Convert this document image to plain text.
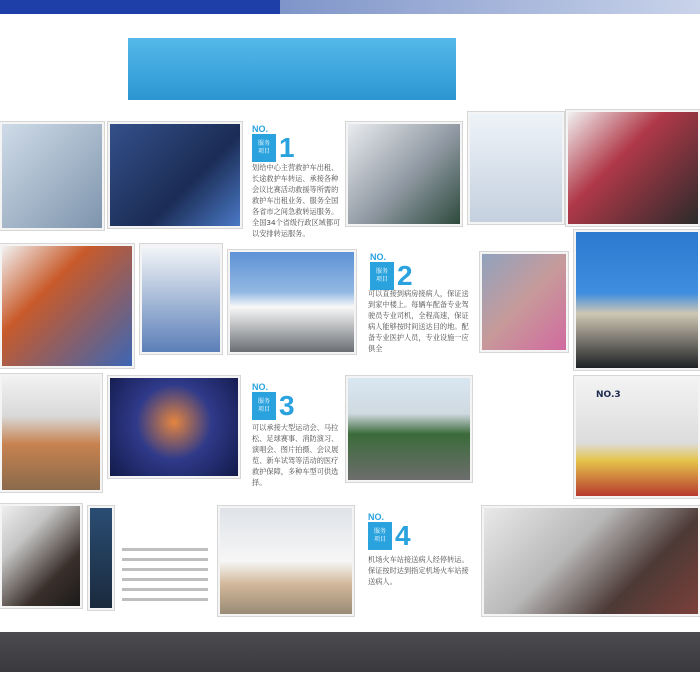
NO.
服务
项目 1
划给中心主营救护车出租、长途救护车转运、承接各种会议比赛活动救援等所需的救护车出租业务、服务全国各省市之间急救转运服务。全国34个省级行政区域都可以安排转运服务。
NO.
服务
项目 2
可以直接到病房接病人，保证送到家中楼上。每辆车配备专业驾驶员专业司机，全程高速，保证病人能够按时间送达目的地。配备专业医护人员，专业设施一应俱全
NO.
服务
项目 3
可以承接大型运动会、马拉松、足球赛事、消防演习、演唱会、图片拍摄、会议展览、新车试驾等活动的医疗救护保障，多种车型可供选择。
NO.3
NO.
服务
项目 4
机场火车站接送病人经停转运。保证按时达到指定机场火车站接送病人。
